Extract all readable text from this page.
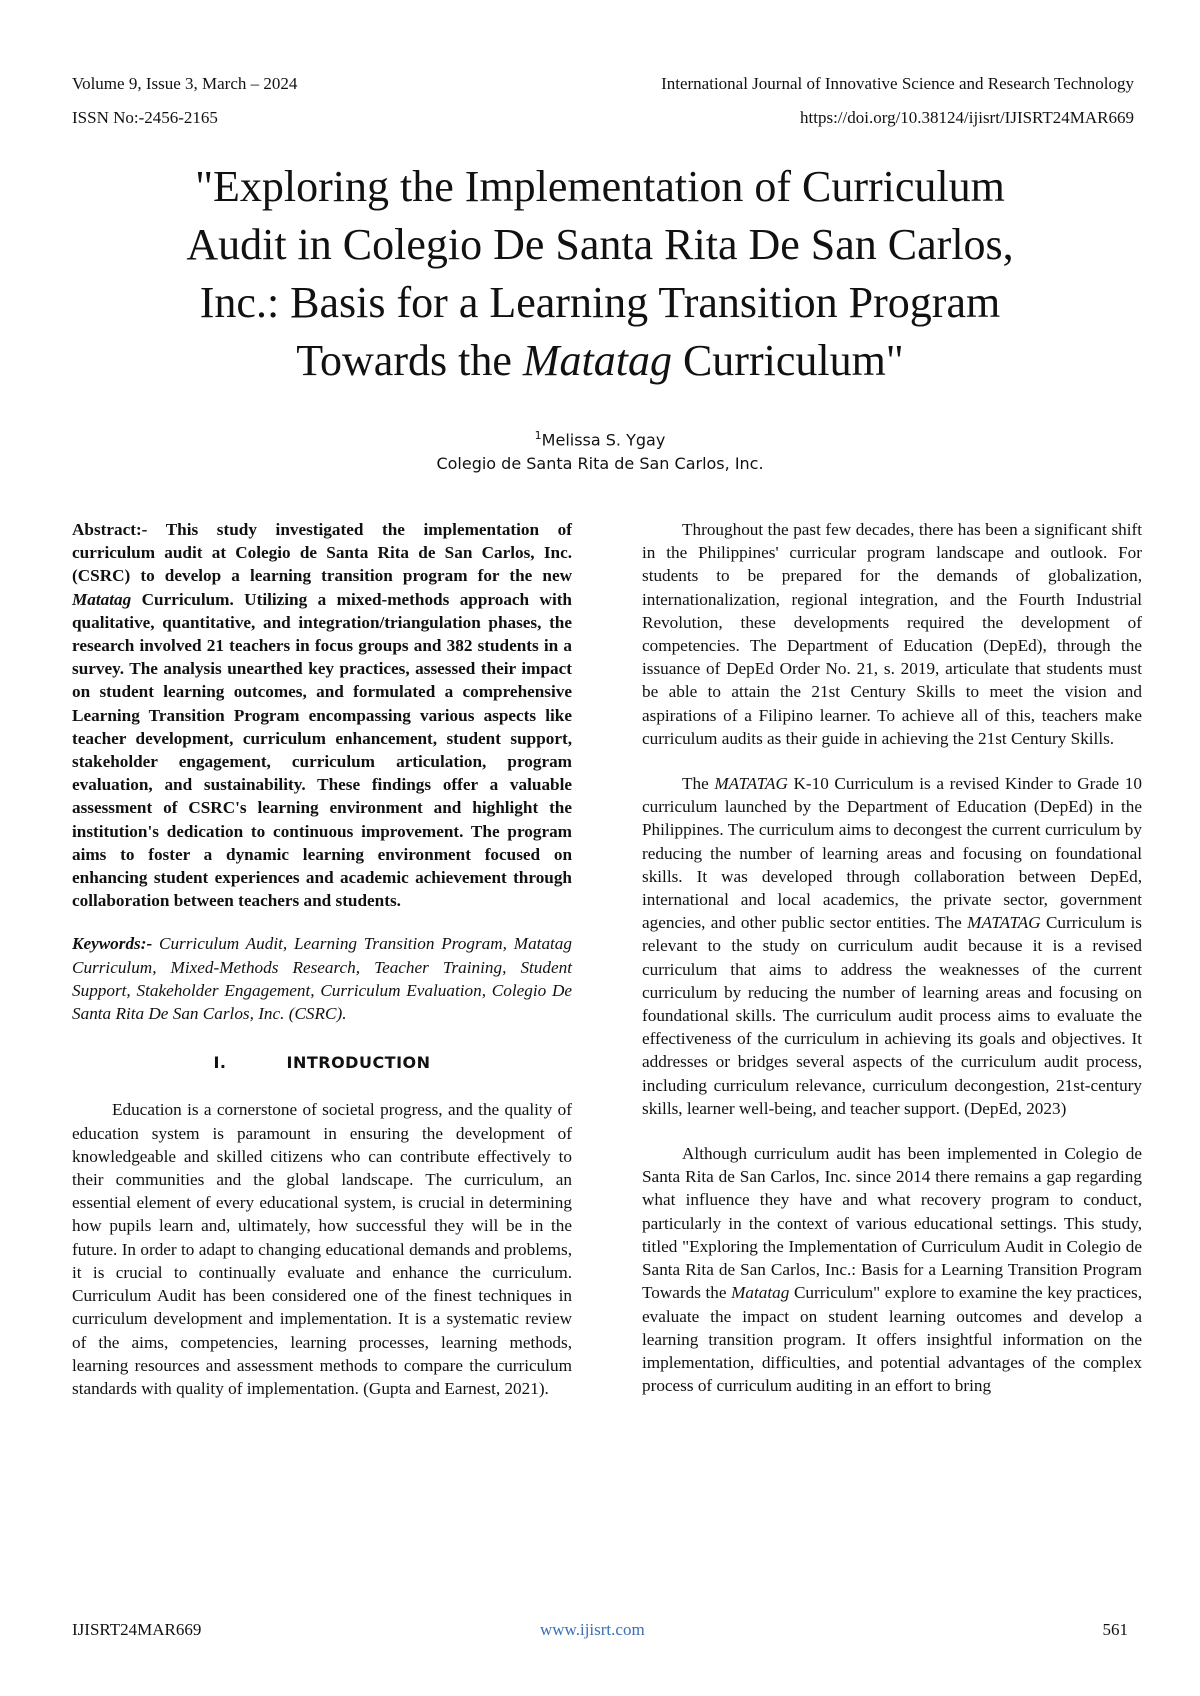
Volume 9, Issue 3, March – 2024
ISSN No:-2456-2165
International Journal of Innovative Science and Research Technology
https://doi.org/10.38124/ijisrt/IJISRT24MAR669
"Exploring the Implementation of Curriculum
Audit in Colegio De Santa Rita De San Carlos,
Inc.: Basis for a Learning Transition Program
Towards the Matatag Curriculum"
$^1$Melissa S. Ygay
Colegio de Santa Rita de San Carlos, Inc.

Abstract:- This study investigated the implementation of curriculum audit at Colegio de Santa Rita de San Carlos, Inc. (CSRC) to develop a learning transition program for the new Matatag Curriculum. Utilizing a mixed-methods approach with qualitative, quantitative, and integration/triangulation phases, the research involved 21 teachers in focus groups and 382 students in a survey. The analysis unearthed key practices, assessed their impact on student learning outcomes, and formulated a comprehensive Learning Transition Program encompassing various aspects like teacher development, curriculum enhancement, student support, stakeholder engagement, curriculum articulation, program evaluation, and sustainability. These findings offer a valuable assessment of CSRC's learning environment and highlight the institution's dedication to continuous improvement. The program aims to foster a dynamic learning environment focused on enhancing student experiences and academic achievement through collaboration between teachers and students.

Keywords:- Curriculum Audit, Learning Transition Program, Matatag Curriculum, Mixed-Methods Research, Teacher Training, Student Support, Stakeholder Engagement, Curriculum Evaluation, Colegio De Santa Rita De San Carlos, Inc. (CSRC).

I.	INTRODUCTION

Education is a cornerstone of societal progress, and the quality of education system is paramount in ensuring the development of knowledgeable and skilled citizens who can contribute effectively to their communities and the global landscape. The curriculum, an essential element of every educational system, is crucial in determining how pupils learn and, ultimately, how successful they will be in the future. In order to adapt to changing educational demands and problems, it is crucial to continually evaluate and enhance the curriculum. Curriculum Audit has been considered one of the finest techniques in curriculum development and implementation. It is a systematic review of the aims, competencies, learning processes, learning methods, learning resources and assessment methods to compare the curriculum standards with quality of implementation. (Gupta and Earnest, 2021).

Throughout the past few decades, there has been a significant shift in the Philippines' curricular program landscape and outlook. For students to be prepared for the demands of globalization, internationalization, regional integration, and the Fourth Industrial Revolution, these developments required the development of competencies. The Department of Education (DepEd), through the issuance of DepEd Order No. 21, s. 2019, articulate that students must be able to attain the 21st Century Skills to meet the vision and aspirations of a Filipino learner. To achieve all of this, teachers make curriculum audits as their guide in achieving the 21st Century Skills.

The MATATAG K-10 Curriculum is a revised Kinder to Grade 10 curriculum launched by the Department of Education (DepEd) in the Philippines. The curriculum aims to decongest the current curriculum by reducing the number of learning areas and focusing on foundational skills. It was developed through collaboration between DepEd, international and local academics, the private sector, government agencies, and other public sector entities. The MATATAG Curriculum is relevant to the study on curriculum audit because it is a revised curriculum that aims to address the weaknesses of the current curriculum by reducing the number of learning areas and focusing on foundational skills. The curriculum audit process aims to evaluate the effectiveness of the curriculum in achieving its goals and objectives. It addresses or bridges several aspects of the curriculum audit process, including curriculum relevance, curriculum decongestion, 21st-century skills, learner well-being, and teacher support. (DepEd, 2023)

Although curriculum audit has been implemented in Colegio de Santa Rita de San Carlos, Inc. since 2014 there remains a gap regarding what influence they have and what recovery program to conduct, particularly in the context of various educational settings. This study, titled "Exploring the Implementation of Curriculum Audit in Colegio de Santa Rita de San Carlos, Inc.: Basis for a Learning Transition Program Towards the Matatag Curriculum" explore to examine the key practices, evaluate the impact on student learning outcomes and develop a learning transition program. It offers insightful information on the implementation, difficulties, and potential advantages of the complex process of curriculum auditing in an effort to bring

IJISRT24MAR669	www.ijisrt.com	561
